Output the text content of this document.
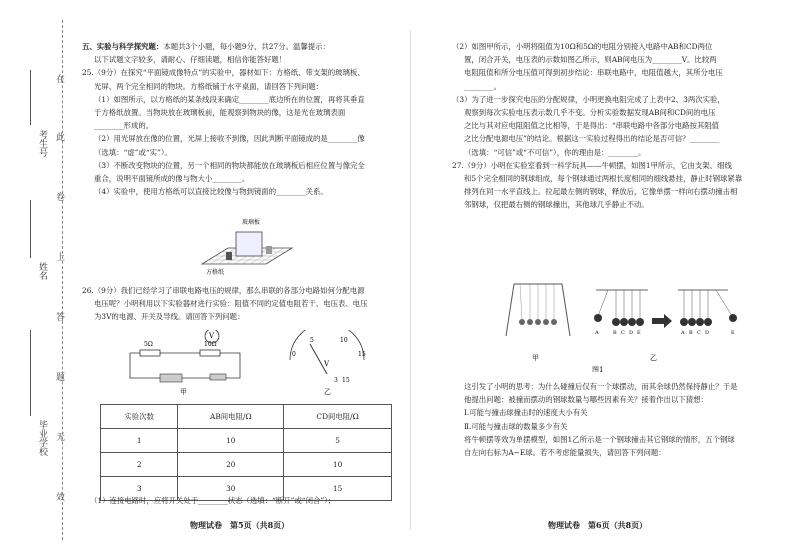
考生号
姓名
毕业学校
在
此
卷
上
答
题
无
效

五、实验与科学探究题：本题共3个小题，每小题9分，共27分。温馨提示：

以下试题文字较多，请耐心、仔细读题，相信你能答好题！

25.（9分）在探究“平面镜成像特点”的实验中，器材如下：方格纸、带支架的玻璃板、

光屏、两个完全相同的物块。方格纸铺于水平桌面，请回答下列问题：

（1）如图所示，以方格纸的某条线段来确定________底边所在的位置，再将其垂直

于方格纸放置。当物块放在玻璃板前，能观察到物块的像，这是光在玻璃表面

________形成的。

（2）用光屏放在像的位置，光屏上接收不到像，因此判断平面镜成的是________像

（选填：“虚”或“实”）。

（3）不断改变物块的位置，另一个相同的物块都能放在玻璃板后相应位置与像完全

重合，说明平面镜所成的像与物大小________。

（4）实验中，使用方格纸可以直接比较像与物到镜面的________关系。

玻璃板
方格纸

26.（9分）我们已经学习了串联电路电压的规律，那么串联的各部分电路如何分配电源

电压呢？小明利用以下实验器材进行实验：阻值不同的定值电阻若干、电压表、电压

为3V的电源、开关及导线。请回答下列问题：

5Ω	10Ω
V
甲
0
5	10
15
V
3 15
乙
实验次数	AB间电阻/Ω	CD间电阻/Ω
1	10	5
2	20	10
3	30	15

（1）连接电路时，应将开关处于________状态（选填：“断开”或“闭合”）；

物理试卷　第5页（共8页）

（2）如图甲所示，小明将阻值为10Ω和5Ω的电阻分别接入电路中AB和CD两位

置，闭合开关，电压表的示数如图乙所示，则AB间电压为________V。比较两

电阻阻值和所分电压值可得到初步结论：串联电路中，电阻值越大，其所分电压

________。

（3）为了进一步探究电压的分配规律，小明更换电阻完成了上表中2、3两次实验，

观察到每次实验电压表示数几乎不变。分析实验数据发现AB间和CD间的电压

之比与其对应电阻阻值之比相等，于是得出：“串联电路中各部分电路按其阻值

之比分配电源电压”的结论。根据这一实验过程得出的结论是否可信？________

（选填：“可信”或“不可信”），你的理由是：________。

27.（9分）小明在实验室看到一科学玩具——牛顿摆，如图1甲所示，它由支架、细线

和5个完全相同的钢球组成，每个钢球通过两根长度相同的细线悬挂，静止时钢球紧靠

排列在同一水平直线上。拉起最左侧的钢球，释放后，它像单摆一样向右摆动撞击相

邻钢球，仅把最右侧的钢球撞出，其他球几乎静止不动。

甲
A	B C D E	A B C D	E
乙
图1

这引发了小明的思考：为什么碰撞后仅有一个球摆动，而其余球仍然保持静止？于是

他提出问题：被撞而摆动的钢球数量与哪些因素有关？接着作出以下猜想：

Ⅰ.可能与撞击球撞击时的速度大小有关

Ⅱ.可能与撞击球的数量多少有关

将牛顿摆等效为单摆模型，如图1乙所示是一个钢球撞击其它钢球的情形，五个钢球

自左向右标为A~E球。若不考虑能量损失，请回答下列问题：

物理试卷　第6页（共8页）
